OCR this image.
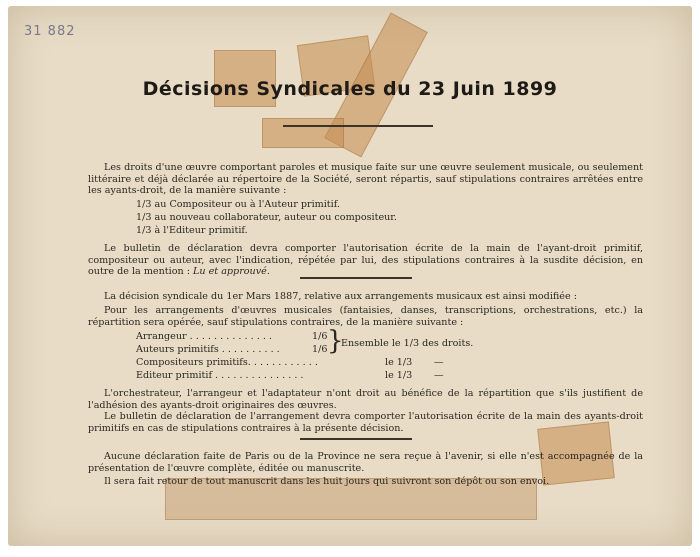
31 882
Décisions Syndicales du 23 Juin 1899
Les droits d'une œuvre comportant paroles et musique faite sur une œuvre seulement musicale, ou seulement littéraire et déjà déclarée au répertoire de la Société, seront répartis, sauf stipulations contraires arrêtées entre les ayants-droit, de la manière suivante :
1/3 au Compositeur ou à l'Auteur primitif.
1/3 au nouveau collaborateur, auteur ou compositeur.
1/3 à l'Editeur primitif.
Le bulletin de déclaration devra comporter l'autorisation écrite de la main de l'ayant-droit primitif, compositeur ou auteur, avec l'indication, répétée par lui, des stipulations contraires à la susdite décision, en outre de la mention : Lu et approuvé.
La décision syndicale du 1er Mars 1887, relative aux arrangements musicaux est ainsi modifiée :
Pour les arrangements d'œuvres musicales (fantaisies, danses, transcriptions, orchestrations, etc.) la répartition sera opérée, sauf stipulations contraires, de la manière suivante :
Arrangeur . . . . . . . . . . . . . .	1/6
Auteurs primitifs . . . . . . . . . .	1/6 }
Ensemble le 1/3 des droits.
Compositeurs primitifs. . . . . . . . . . . .	le 1/3 —
Editeur primitif . . . . . . . . . . . . . . .	le 1/3 —
L'orchestrateur, l'arrangeur et l'adaptateur n'ont droit au bénéfice de la répartition que s'ils justifient de l'adhésion des ayants-droit originaires des œuvres.
Le bulletin de déclaration de l'arrangement devra comporter l'autorisation écrite de la main des ayants-droit primitifs en cas de stipulations contraires à la présente décision.
Aucune déclaration faite de Paris ou de la Province ne sera reçue à l'avenir, si elle n'est accompagnée de la présentation de l'œuvre complète, éditée ou manuscrite.
Il sera fait retour de tout manuscrit dans les huit jours qui suivront son dépôt ou son envoi.
